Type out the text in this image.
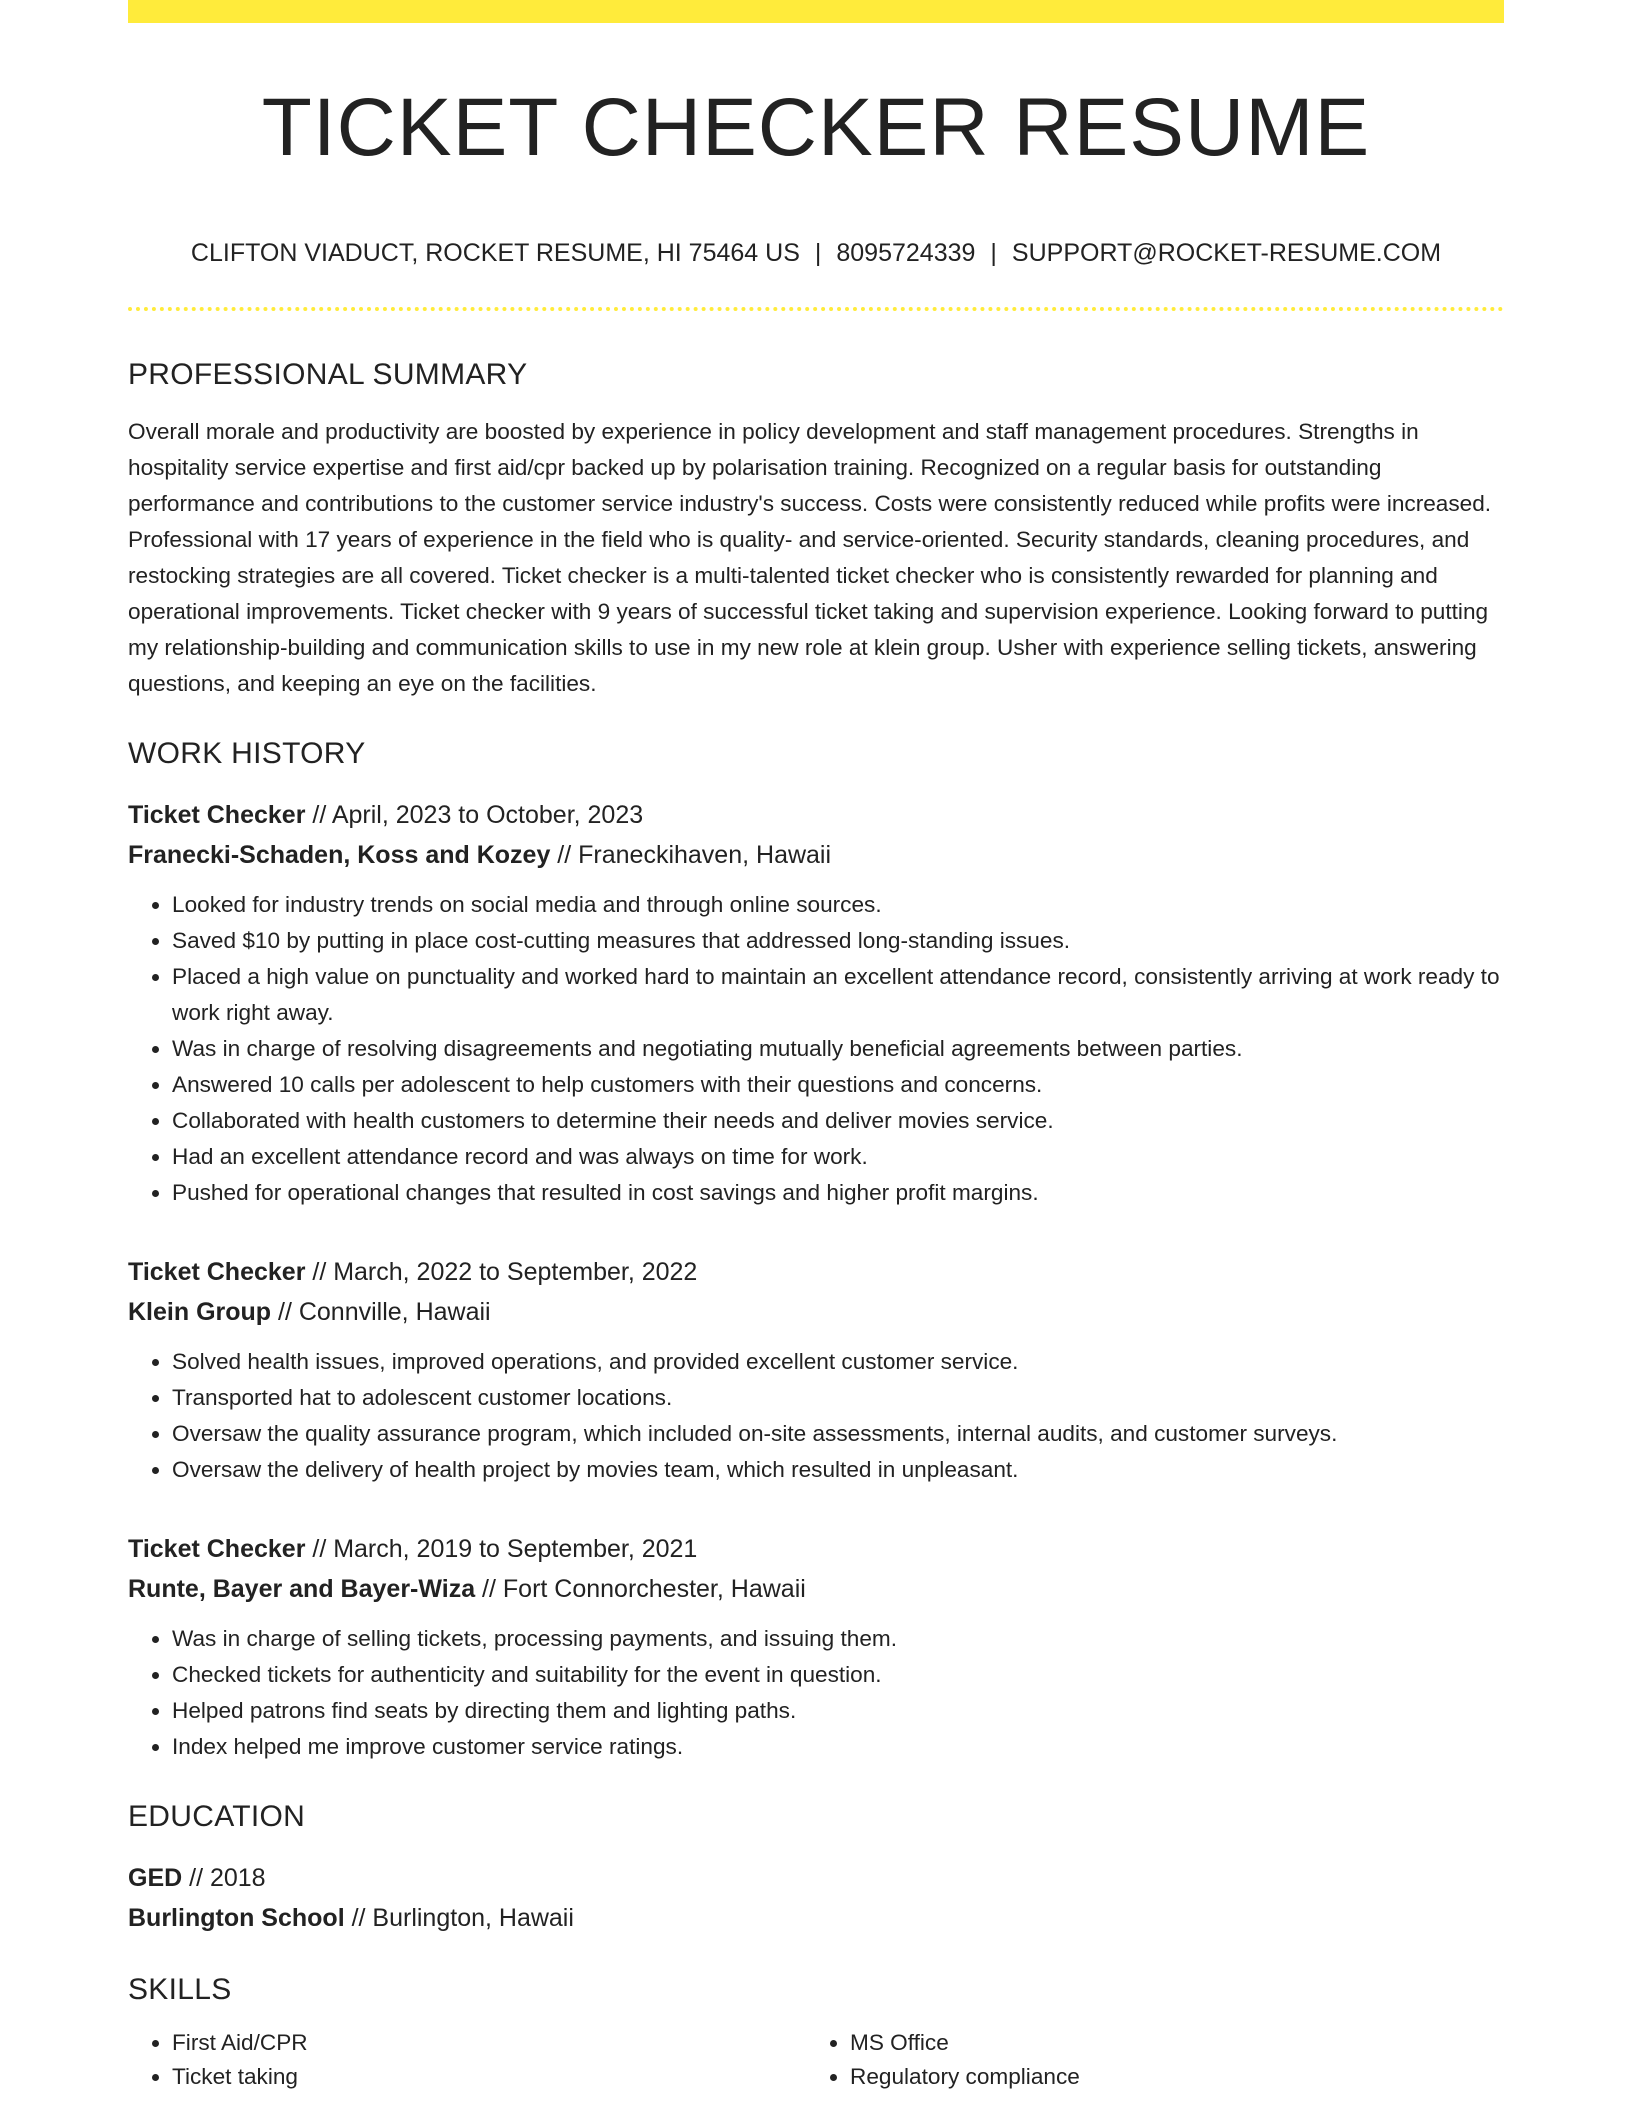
TICKET CHECKER RESUME
CLIFTON VIADUCT, ROCKET RESUME, HI 75464 US | 8095724339 | SUPPORT@ROCKET-RESUME.COM
PROFESSIONAL SUMMARY

Overall morale and productivity are boosted by experience in policy development and staff management procedures. Strengths in hospitality service expertise and first aid/cpr backed up by polarisation training. Recognized on a regular basis for outstanding performance and contributions to the customer service industry's success. Costs were consistently reduced while profits were increased. Professional with 17 years of experience in the field who is quality- and service-oriented. Security standards, cleaning procedures, and restocking strategies are all covered. Ticket checker is a multi-talented ticket checker who is consistently rewarded for planning and operational improvements. Ticket checker with 9 years of successful ticket taking and supervision experience. Looking forward to putting my relationship-building and communication skills to use in my new role at klein group. Usher with experience selling tickets, answering questions, and keeping an eye on the facilities.

WORK HISTORY
Ticket Checker // April, 2023 to October, 2023
Franecki-Schaden, Koss and Kozey // Franeckihaven, Hawaii
• Looked for industry trends on social media and through online sources.
• Saved $10 by putting in place cost-cutting measures that addressed long-standing issues.
• Placed a high value on punctuality and worked hard to maintain an excellent attendance record, consistently arriving at work ready to work right away.
• Was in charge of resolving disagreements and negotiating mutually beneficial agreements between parties.
• Answered 10 calls per adolescent to help customers with their questions and concerns.
• Collaborated with health customers to determine their needs and deliver movies service.
• Had an excellent attendance record and was always on time for work.
• Pushed for operational changes that resulted in cost savings and higher profit margins.
Ticket Checker // March, 2022 to September, 2022
Klein Group // Connville, Hawaii
• Solved health issues, improved operations, and provided excellent customer service.
• Transported hat to adolescent customer locations.
• Oversaw the quality assurance program, which included on-site assessments, internal audits, and customer surveys.
• Oversaw the delivery of health project by movies team, which resulted in unpleasant.
Ticket Checker // March, 2019 to September, 2021
Runte, Bayer and Bayer-Wiza // Fort Connorchester, Hawaii
• Was in charge of selling tickets, processing payments, and issuing them.
• Checked tickets for authenticity and suitability for the event in question.
• Helped patrons find seats by directing them and lighting paths.
• Index helped me improve customer service ratings.
EDUCATION
GED // 2018
Burlington School // Burlington, Hawaii
SKILLS
• First Aid/CPR
• Ticket taking
• MS Office
• Regulatory compliance
